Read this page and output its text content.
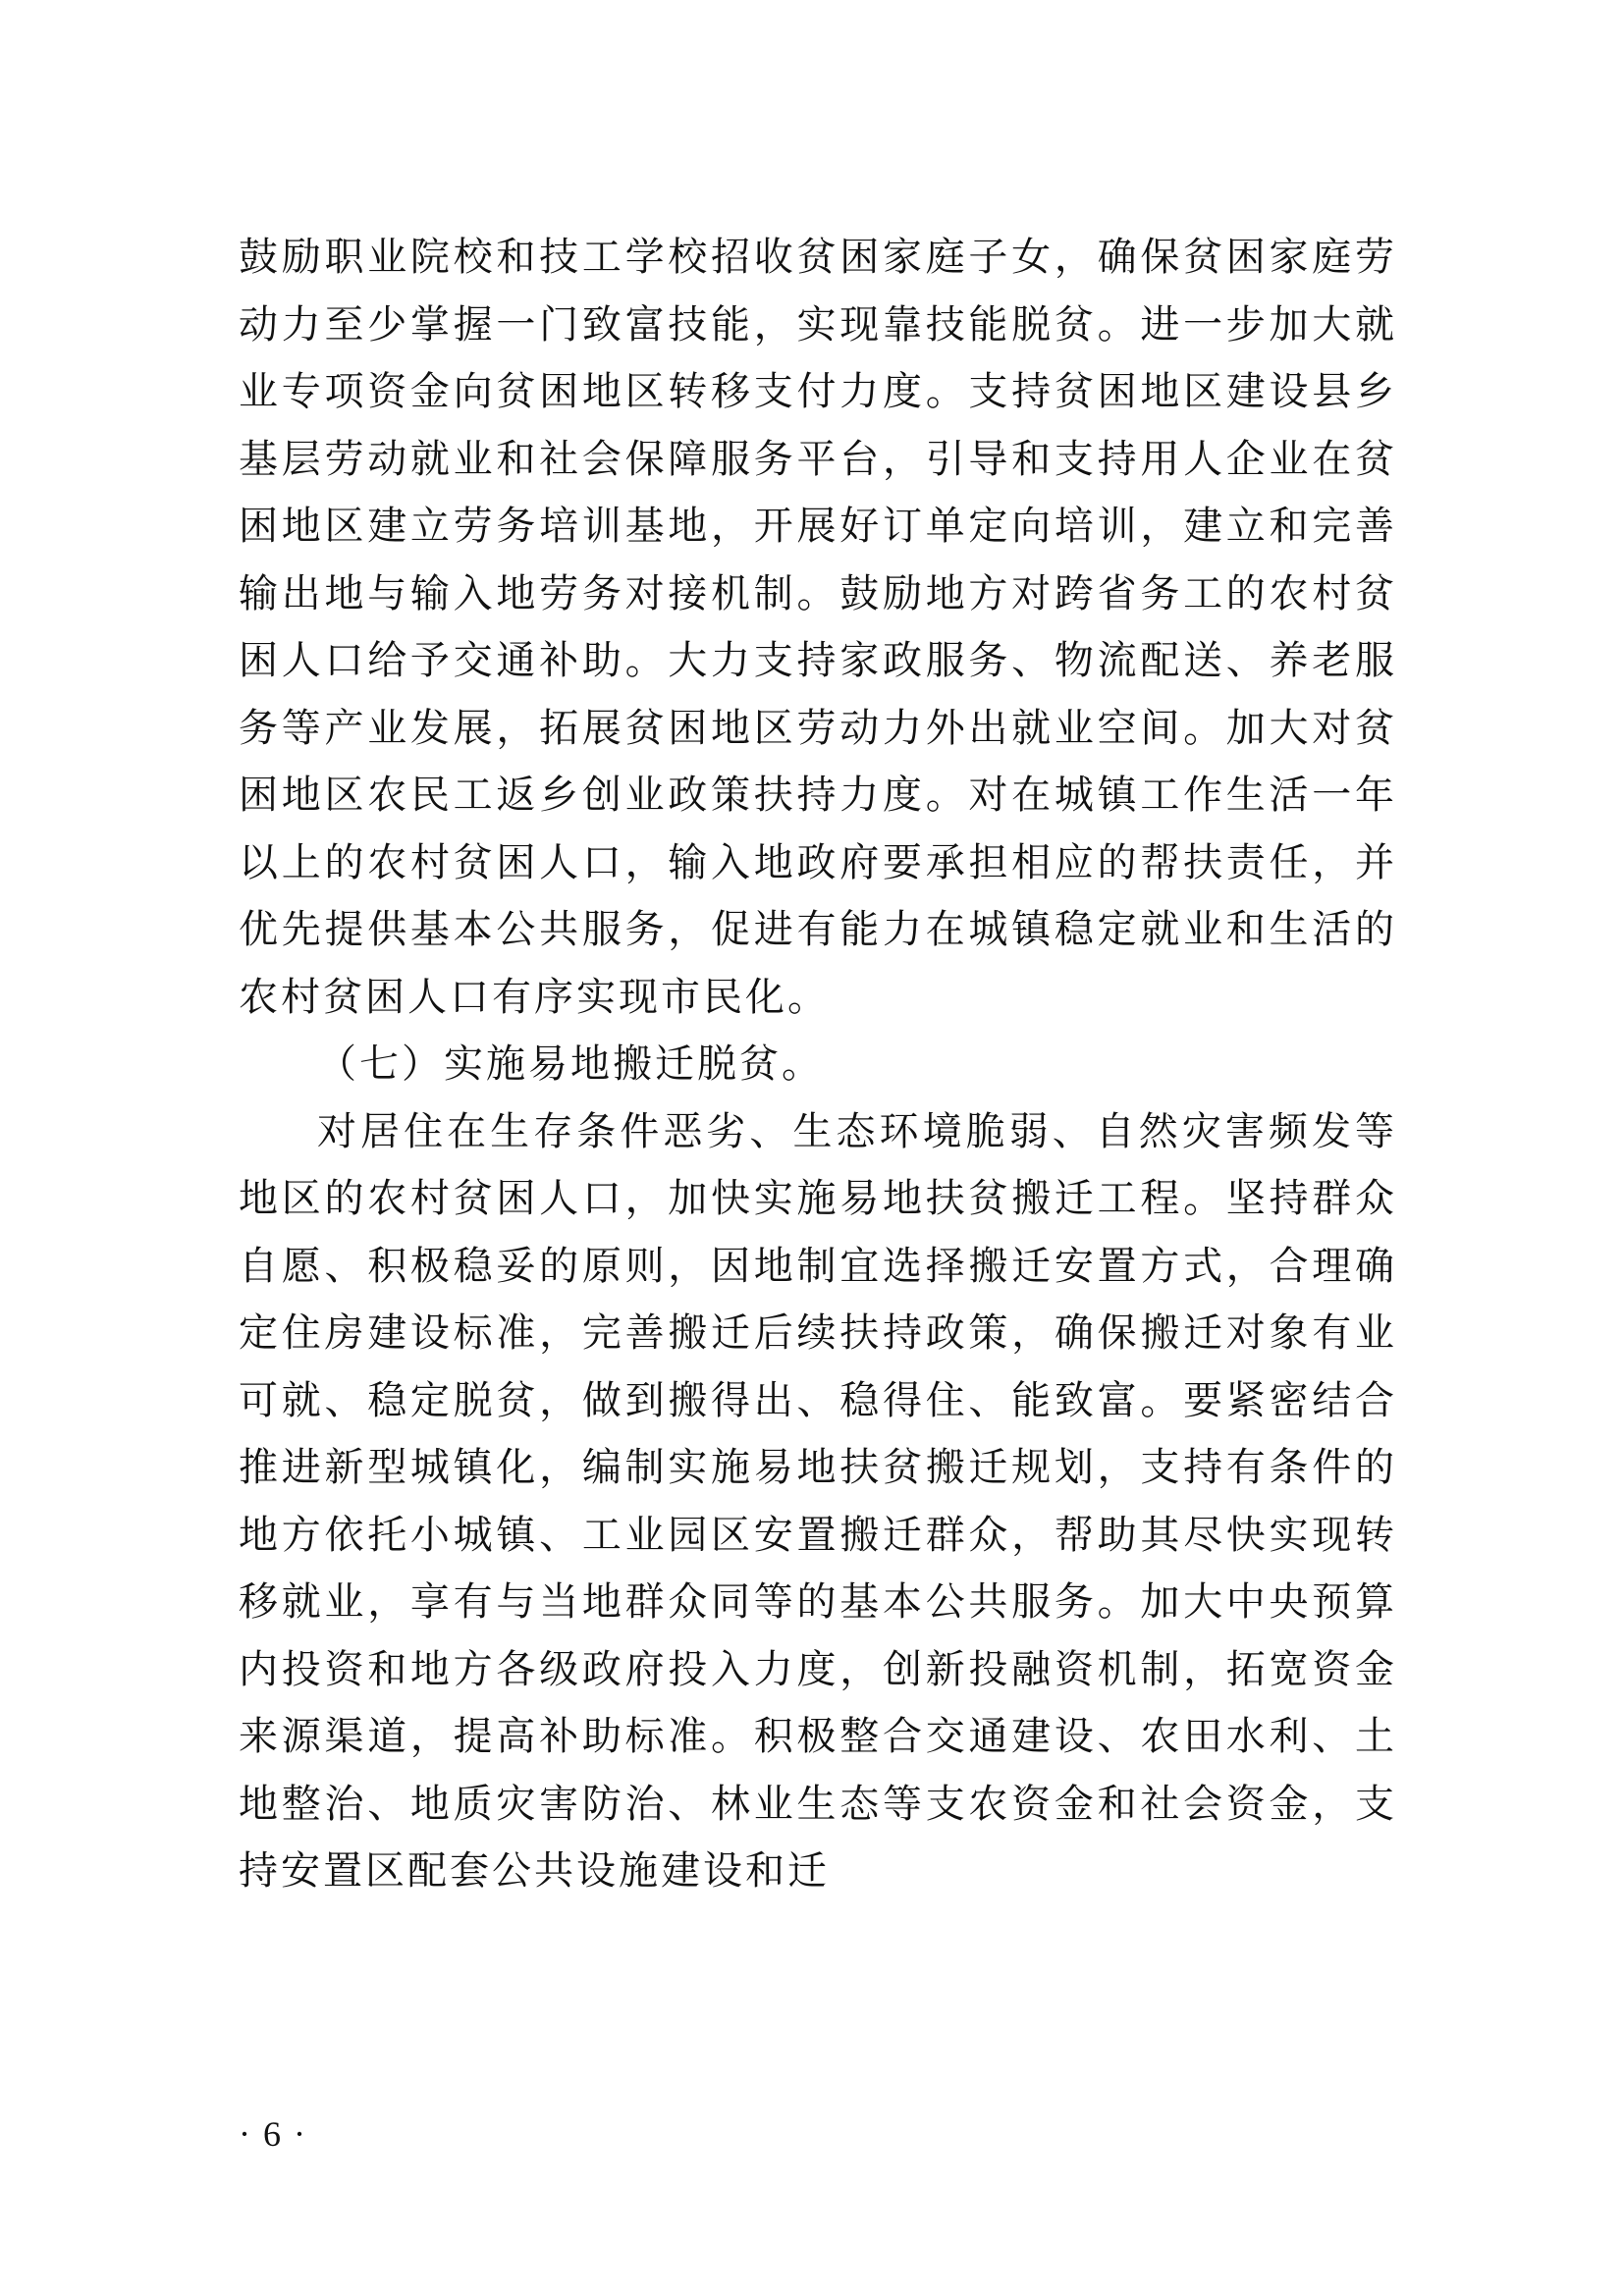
鼓励职业院校和技工学校招收贫困家庭子女，确保贫困家庭劳动力至少掌握一门致富技能，实现靠技能脱贫。进一步加大就业专项资金向贫困地区转移支付力度。支持贫困地区建设县乡基层劳动就业和社会保障服务平台，引导和支持用人企业在贫困地区建立劳务培训基地，开展好订单定向培训，建立和完善输出地与输入地劳务对接机制。鼓励地方对跨省务工的农村贫困人口给予交通补助。大力支持家政服务、物流配送、养老服务等产业发展，拓展贫困地区劳动力外出就业空间。加大对贫困地区农民工返乡创业政策扶持力度。对在城镇工作生活一年以上的农村贫困人口，输入地政府要承担相应的帮扶责任，并优先提供基本公共服务，促进有能力在城镇稳定就业和生活的农村贫困人口有序实现市民化。

（七）实施易地搬迁脱贫。

对居住在生存条件恶劣、生态环境脆弱、自然灾害频发等地区的农村贫困人口，加快实施易地扶贫搬迁工程。坚持群众自愿、积极稳妥的原则，因地制宜选择搬迁安置方式，合理确定住房建设标准，完善搬迁后续扶持政策，确保搬迁对象有业可就、稳定脱贫，做到搬得出、稳得住、能致富。要紧密结合推进新型城镇化，编制实施易地扶贫搬迁规划，支持有条件的地方依托小城镇、工业园区安置搬迁群众，帮助其尽快实现转移就业，享有与当地群众同等的基本公共服务。加大中央预算内投资和地方各级政府投入力度，创新投融资机制，拓宽资金来源渠道，提高补助标准。积极整合交通建设、农田水利、土地整治、地质灾害防治、林业生态等支农资金和社会资金，支持安置区配套公共设施建设和迁

· 6 ·
